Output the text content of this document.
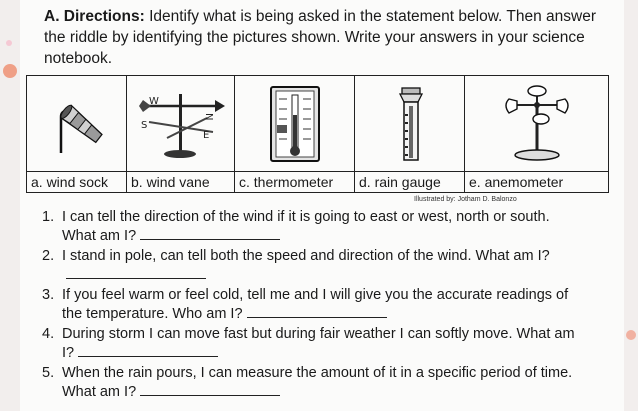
A. Directions: Identify what is being asked in the statement below. Then answer the riddle by identifying the pictures shown. Write your answers in your science notebook.

W
N
S
E

a. wind sock	b. wind vane	c. thermometer	d. rain gauge	e. anemometer
Illustrated by: Jotham D. Balonzo
1. I can tell the direction of the wind if it is going to east or west, north or south. What am I?
2. I stand in pole, can tell both the speed and direction of the wind. What am I?
3. If you feel warm or feel cold, tell me and I will give you the accurate readings of the temperature. Who am I?
4. During storm I can move fast but during fair weather I can softly move. What am I?
5. When the rain pours, I can measure the amount of it in a specific period of time. What am I?
